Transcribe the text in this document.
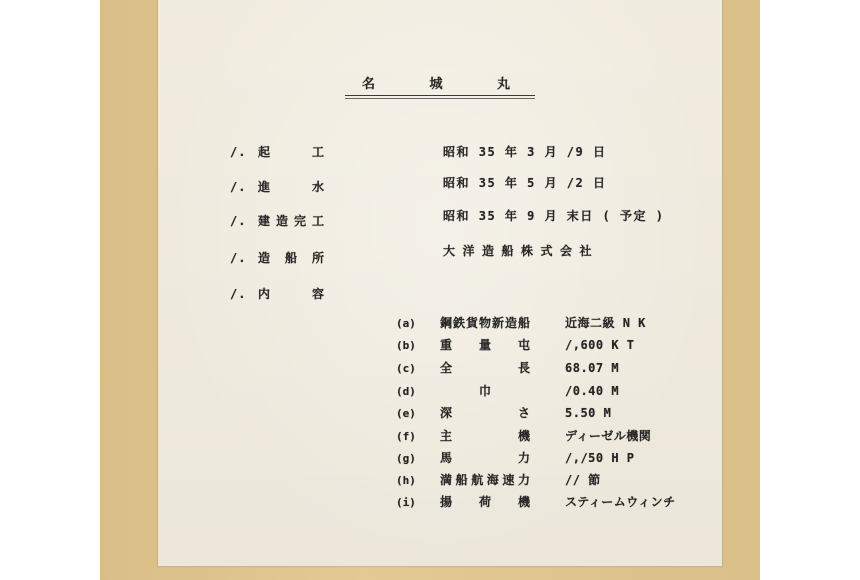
名城丸
/. 起工	昭和 35 年 3 月 /9 日
/. 進水	昭和 35 年 5 月 /2 日
/. 建造完工	昭和 35 年 9 月 末日 ( 予定 )
/. 造船所	大洋造船株式会社
/. 内容
(a) 鋼鉄貨物新造船	近海二級 N K
(b) 重量屯	/,600 K T
(c) 全長	68.07 M
(d)	巾	/0.40 M
(e) 深さ	5.50 M
(f) 主機	ディーゼル機関
(g) 馬力	/,/50 H P
(h) 満船航海速力	// 節
(i) 揚荷機	スティームウィンチ
